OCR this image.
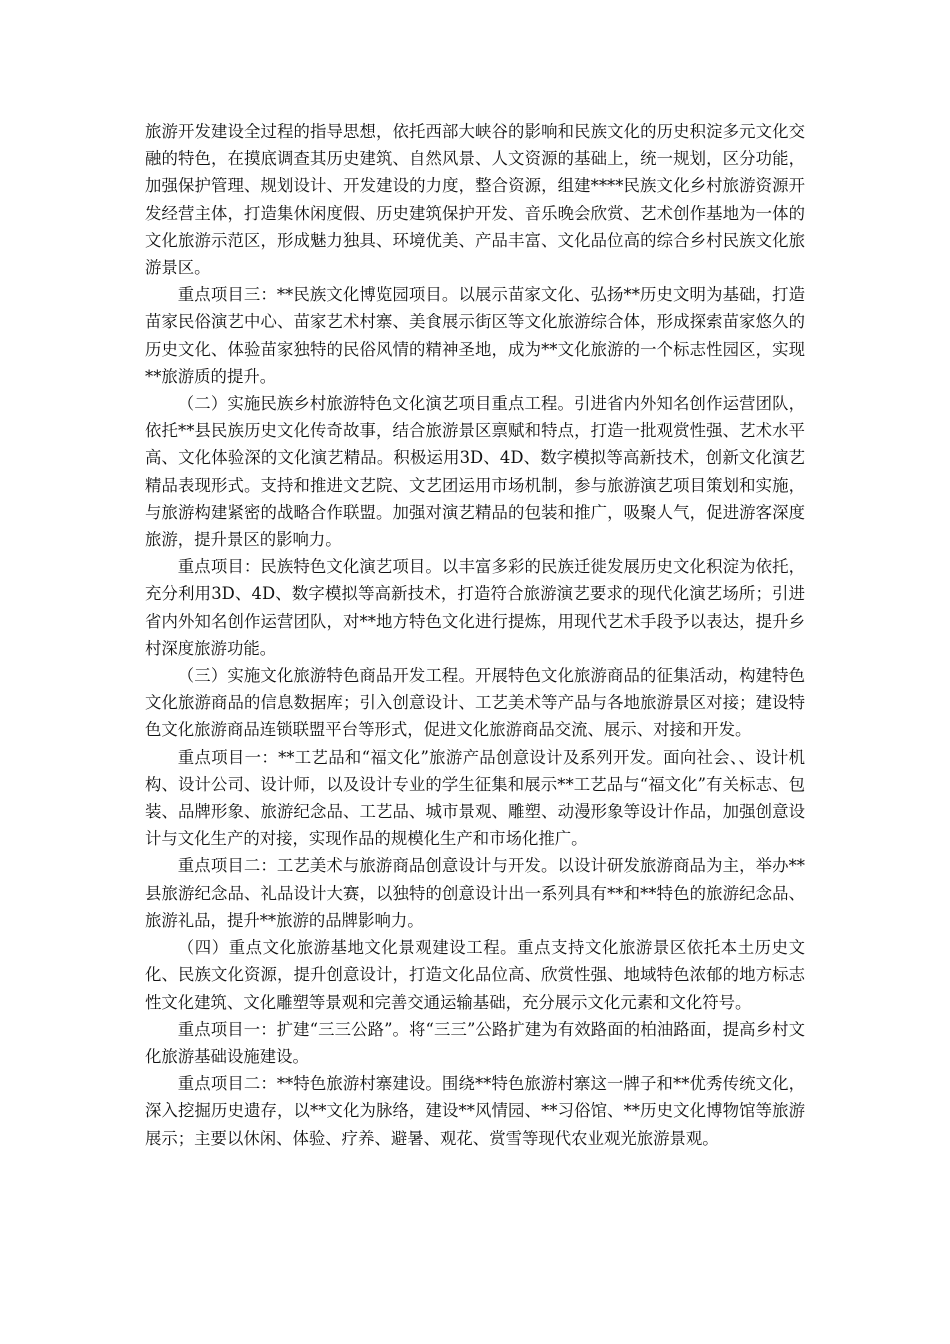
旅游开发建设全过程的指导思想，依托西部大峡谷的影响和民族文化的历史积淀多元文化交融的特色，在摸底调查其历史建筑、自然风景、人文资源的基础上，统一规划，区分功能，加强保护管理、规划设计、开发建设的力度，整合资源，组建****民族文化乡村旅游资源开发经营主体，打造集休闲度假、历史建筑保护开发、音乐晚会欣赏、艺术创作基地为一体的文化旅游示范区，形成魅力独具、环境优美、产品丰富、文化品位高的综合乡村民族文化旅游景区。

重点项目三：**民族文化博览园项目。以展示苗家文化、弘扬**历史文明为基础，打造苗家民俗演艺中心、苗家艺术村寨、美食展示街区等文化旅游综合体，形成探索苗家悠久的历史文化、体验苗家独特的民俗风情的精神圣地，成为**文化旅游的一个标志性园区，实现**旅游质的提升。

（二）实施民族乡村旅游特色文化演艺项目重点工程。引进省内外知名创作运营团队，依托**县民族历史文化传奇故事，结合旅游景区禀赋和特点，打造一批观赏性强、艺术水平高、文化体验深的文化演艺精品。积极运用3D、4D、数字模拟等高新技术，创新文化演艺精品表现形式。支持和推进文艺院、文艺团运用市场机制，参与旅游演艺项目策划和实施，与旅游构建紧密的战略合作联盟。加强对演艺精品的包装和推广，吸聚人气，促进游客深度旅游，提升景区的影响力。

重点项目：民族特色文化演艺项目。以丰富多彩的民族迁徙发展历史文化积淀为依托，充分利用3D、4D、数字模拟等高新技术，打造符合旅游演艺要求的现代化演艺场所；引进省内外知名创作运营团队，对**地方特色文化进行提炼，用现代艺术手段予以表达，提升乡村深度旅游功能。

（三）实施文化旅游特色商品开发工程。开展特色文化旅游商品的征集活动，构建特色文化旅游商品的信息数据库；引入创意设计、工艺美术等产品与各地旅游景区对接；建设特色文化旅游商品连锁联盟平台等形式，促进文化旅游商品交流、展示、对接和开发。

重点项目一：**工艺品和“福文化”旅游产品创意设计及系列开发。面向社会、、设计机构、设计公司、设计师，以及设计专业的学生征集和展示**工艺品与“福文化”有关标志、包装、品牌形象、旅游纪念品、工艺品、城市景观、雕塑、动漫形象等设计作品，加强创意设计与文化生产的对接，实现作品的规模化生产和市场化推广。

重点项目二：工艺美术与旅游商品创意设计与开发。以设计研发旅游商品为主，举办**县旅游纪念品、礼品设计大赛，以独特的创意设计出一系列具有**和**特色的旅游纪念品、旅游礼品，提升**旅游的品牌影响力。

（四）重点文化旅游基地文化景观建设工程。重点支持文化旅游景区依托本土历史文化、民族文化资源，提升创意设计，打造文化品位高、欣赏性强、地域特色浓郁的地方标志性文化建筑、文化雕塑等景观和完善交通运输基础，充分展示文化元素和文化符号。

重点项目一：扩建“三三公路”。将“三三”公路扩建为有效路面的柏油路面，提高乡村文化旅游基础设施建设。

重点项目二：**特色旅游村寨建设。围绕**特色旅游村寨这一牌子和**优秀传统文化，深入挖掘历史遗存，以**文化为脉络，建设**风情园、**习俗馆、**历史文化博物馆等旅游展示；主要以休闲、体验、疗养、避暑、观花、赏雪等现代农业观光旅游景观。
